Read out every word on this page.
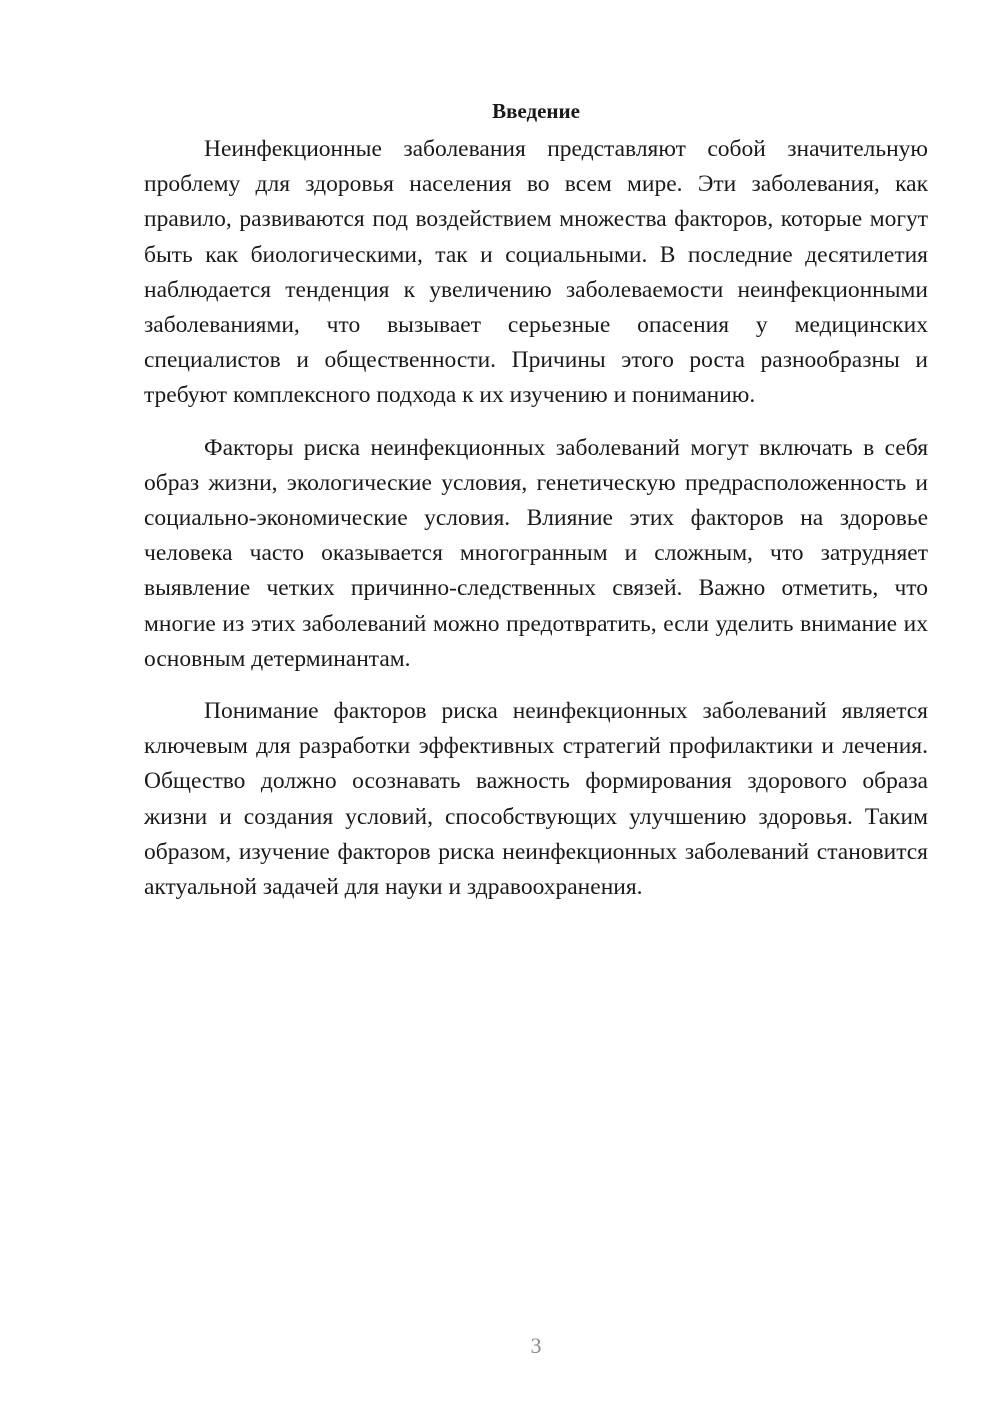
Введение

Неинфекционные заболевания представляют собой значительную проблему для здоровья населения во всем мире. Эти заболевания, как правило, развиваются под воздействием множества факторов, которые могут быть как биологическими, так и социальными. В последние десятилетия наблюдается тенденция к увеличению заболеваемости неинфекционными заболеваниями, что вызывает серьезные опасения у медицинских специалистов и общественности. Причины этого роста разнообразны и требуют комплексного подхода к их изучению и пониманию.

Факторы риска неинфекционных заболеваний могут включать в себя образ жизни, экологические условия, генетическую предрасположенность и социально-экономические условия. Влияние этих факторов на здоровье человека часто оказывается многогранным и сложным, что затрудняет выявление четких причинно-следственных связей. Важно отметить, что многие из этих заболеваний можно предотвратить, если уделить внимание их основным детерминантам.

Понимание факторов риска неинфекционных заболеваний является ключевым для разработки эффективных стратегий профилактики и лечения. Общество должно осознавать важность формирования здорового образа жизни и создания условий, способствующих улучшению здоровья. Таким образом, изучение факторов риска неинфекционных заболеваний становится актуальной задачей для науки и здравоохранения.

3
